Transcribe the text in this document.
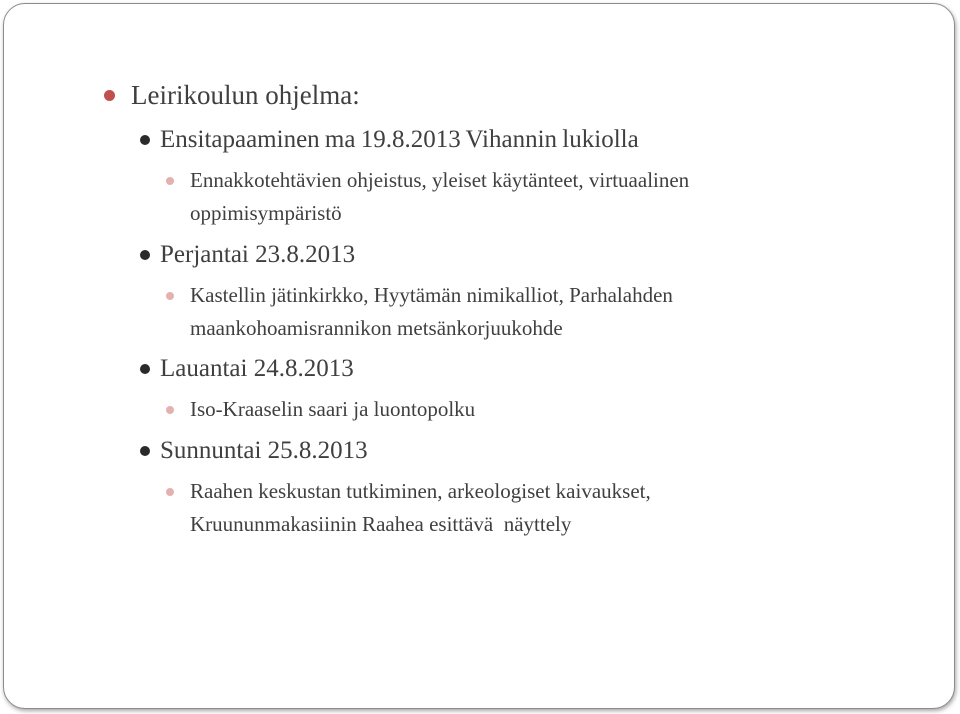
Leirikoulun ohjelma:
Ensitapaaminen ma 19.8.2013 Vihannin lukiolla
Ennakkotehtävien ohjeistus, yleiset käytänteet, virtuaalinen
oppimisympäristö
Perjantai 23.8.2013
Kastellin jätinkirkko, Hyytämän nimikalliot, Parhalahden
maankohoamisrannikon metsänkorjuukohde
Lauantai 24.8.2013
Iso-Kraaselin saari ja luontopolku
Sunnuntai 25.8.2013
Raahen keskustan tutkiminen, arkeologiset kaivaukset,
Kruununmakasiinin Raahea esittävä  näyttely
